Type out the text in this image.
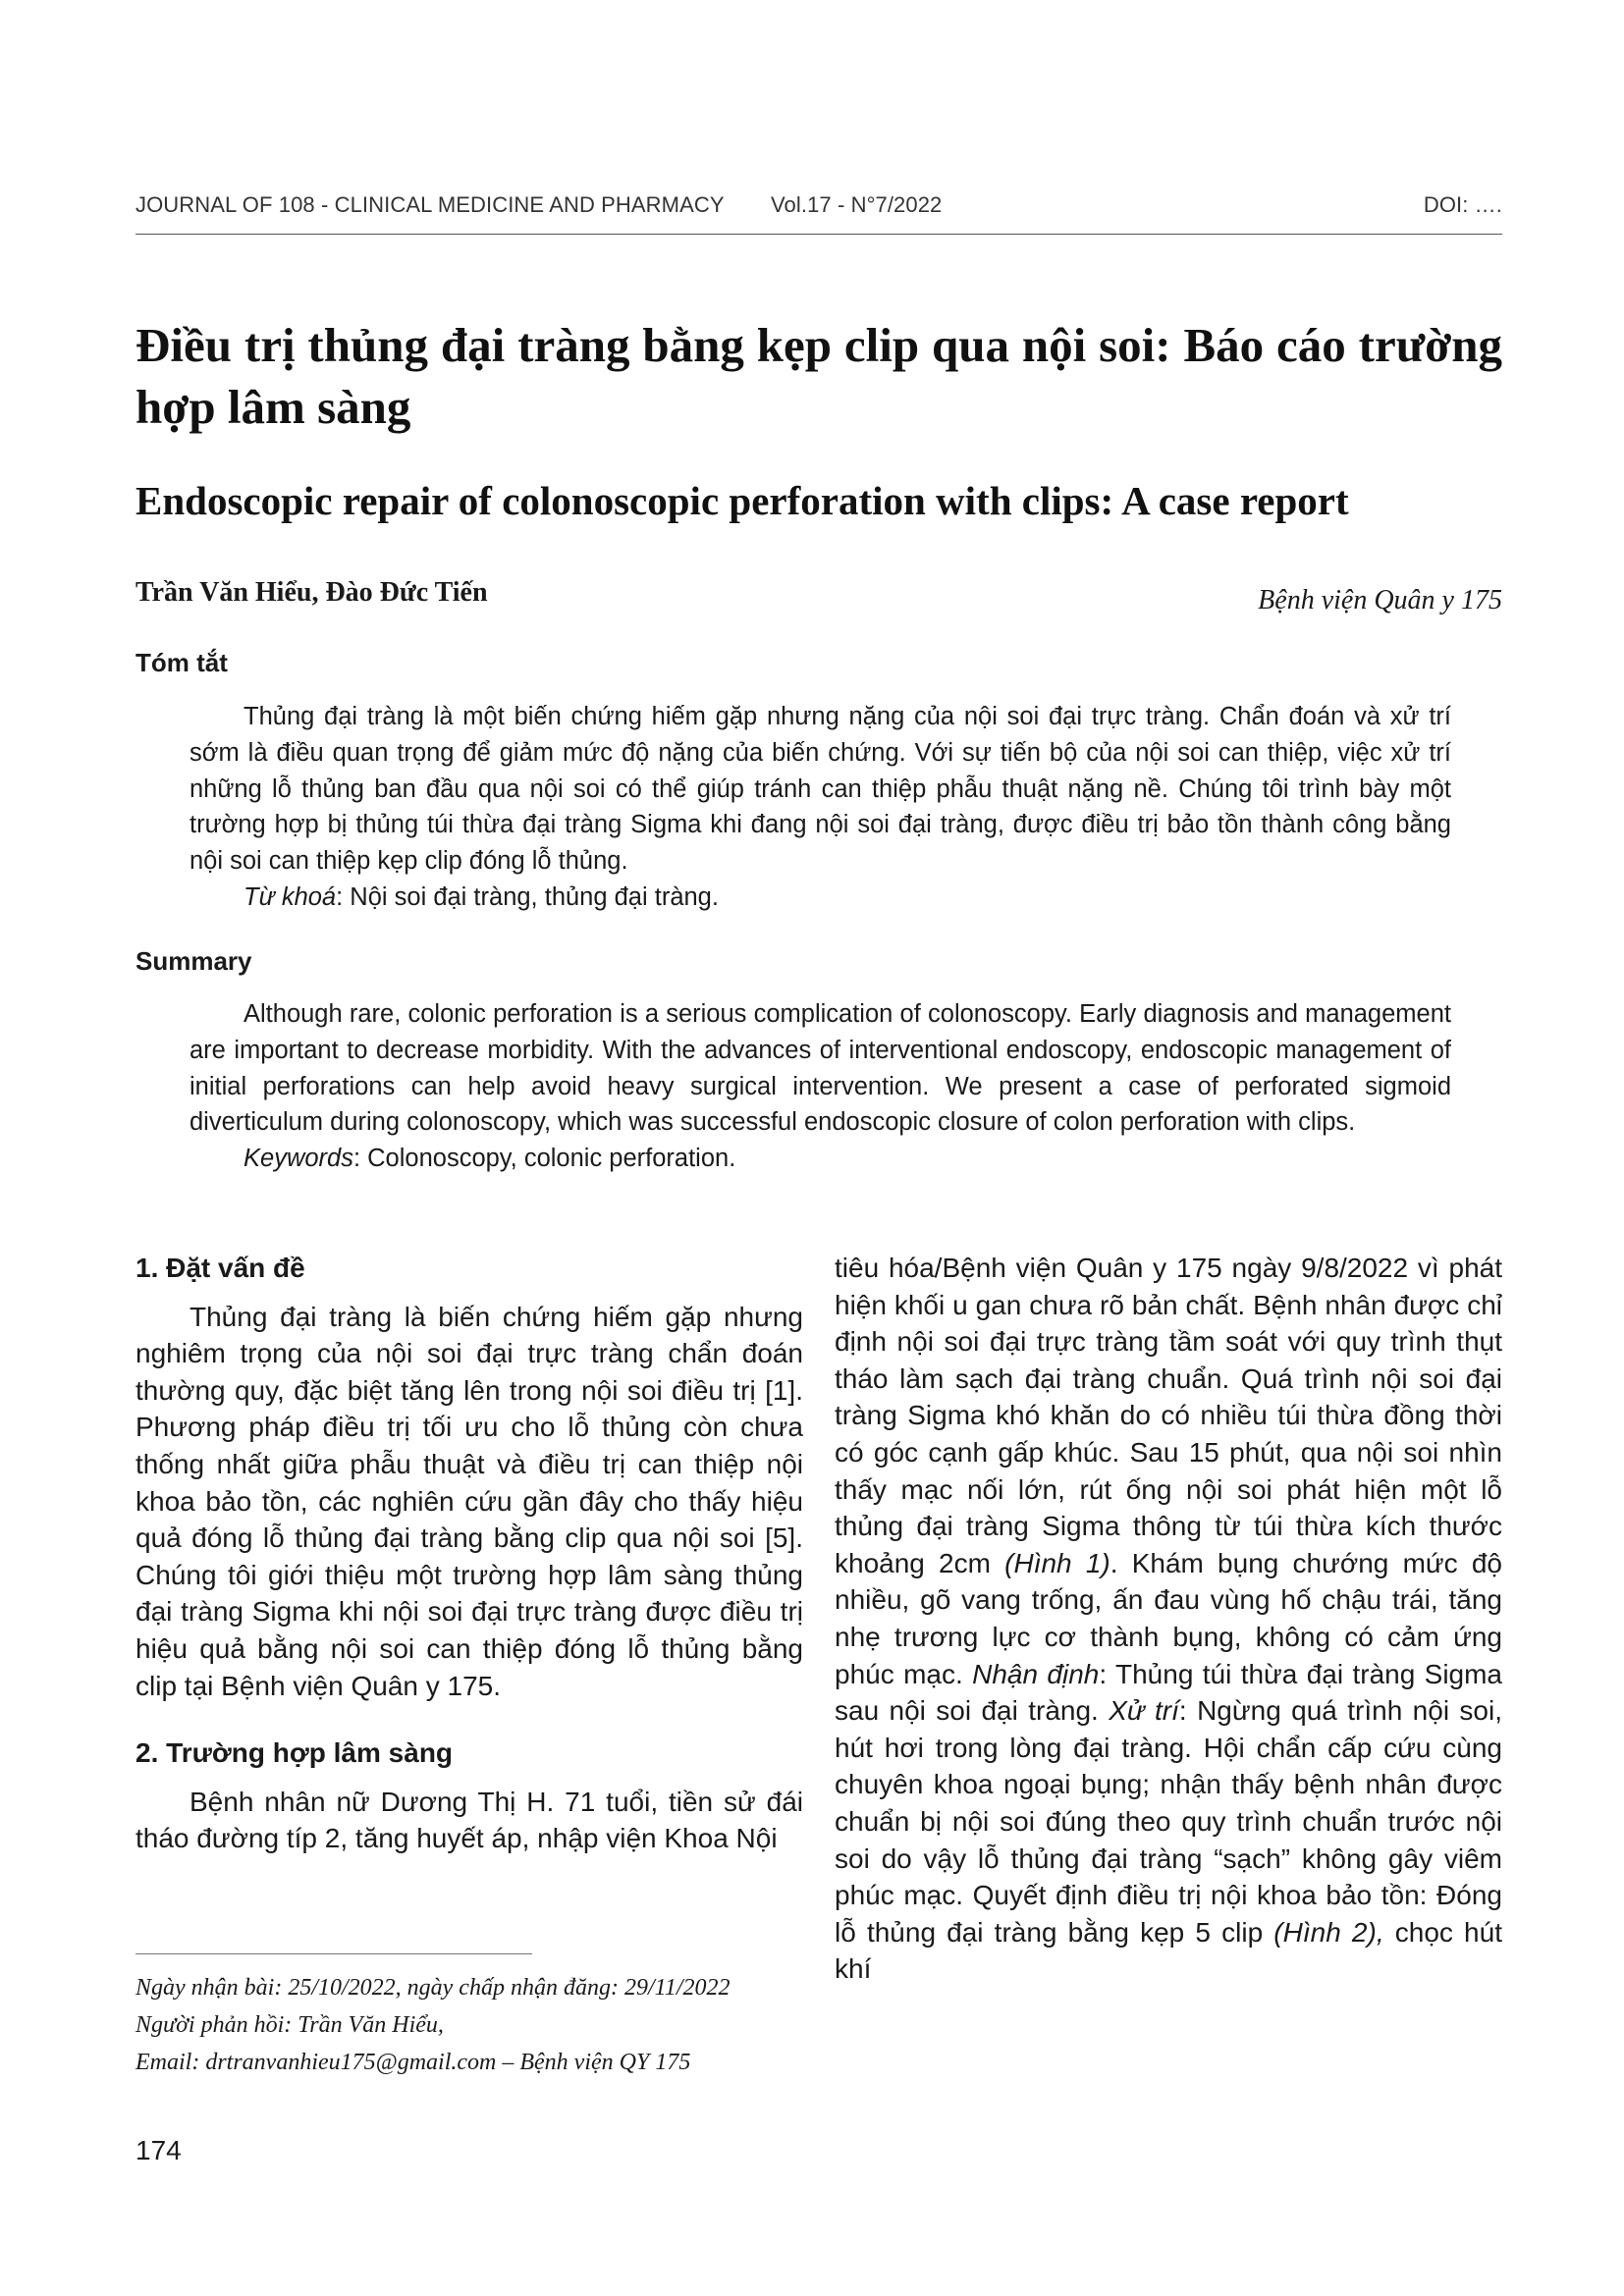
JOURNAL OF 108 - CLINICAL MEDICINE AND PHARMACY Vol.17 - N°7/2022	DOI: ….
Điều trị thủng đại tràng bằng kẹp clip qua nội soi: Báo cáo trường hợp lâm sàng
Endoscopic repair of colonoscopic perforation with clips: A case report
Trần Văn Hiểu, Đào Đức Tiến	Bệnh viện Quân y 175
Tóm tắt

Thủng đại tràng là một biến chứng hiếm gặp nhưng nặng của nội soi đại trực tràng. Chẩn đoán và xử trí sớm là điều quan trọng để giảm mức độ nặng của biến chứng. Với sự tiến bộ của nội soi can thiệp, việc xử trí những lỗ thủng ban đầu qua nội soi có thể giúp tránh can thiệp phẫu thuật nặng nề. Chúng tôi trình bày một trường hợp bị thủng túi thừa đại tràng Sigma khi đang nội soi đại tràng, được điều trị bảo tồn thành công bằng nội soi can thiệp kẹp clip đóng lỗ thủng.

Từ khoá: Nội soi đại tràng, thủng đại tràng.

Summary

Although rare, colonic perforation is a serious complication of colonoscopy. Early diagnosis and management are important to decrease morbidity. With the advances of interventional endoscopy, endoscopic management of initial perforations can help avoid heavy surgical intervention. We present a case of perforated sigmoid diverticulum during colonoscopy, which was successful endoscopic closure of colon perforation with clips.

Keywords: Colonoscopy, colonic perforation.

1. Đặt vấn đề

Thủng đại tràng là biến chứng hiếm gặp nhưng nghiêm trọng của nội soi đại trực tràng chẩn đoán thường quy, đặc biệt tăng lên trong nội soi điều trị [1]. Phương pháp điều trị tối ưu cho lỗ thủng còn chưa thống nhất giữa phẫu thuật và điều trị can thiệp nội khoa bảo tồn, các nghiên cứu gần đây cho thấy hiệu quả đóng lỗ thủng đại tràng bằng clip qua nội soi [5]. Chúng tôi giới thiệu một trường hợp lâm sàng thủng đại tràng Sigma khi nội soi đại trực tràng được điều trị hiệu quả bằng nội soi can thiệp đóng lỗ thủng bằng clip tại Bệnh viện Quân y 175.

2. Trường hợp lâm sàng

Bệnh nhân nữ Dương Thị H. 71 tuổi, tiền sử đái tháo đường típ 2, tăng huyết áp, nhập viện Khoa Nội

tiêu hóa/Bệnh viện Quân y 175 ngày 9/8/2022 vì phát hiện khối u gan chưa rõ bản chất. Bệnh nhân được chỉ định nội soi đại trực tràng tầm soát với quy trình thụt tháo làm sạch đại tràng chuẩn. Quá trình nội soi đại tràng Sigma khó khăn do có nhiều túi thừa đồng thời có góc cạnh gấp khúc. Sau 15 phút, qua nội soi nhìn thấy mạc nối lớn, rút ống nội soi phát hiện một lỗ thủng đại tràng Sigma thông từ túi thừa kích thước khoảng 2cm (Hình 1). Khám bụng chướng mức độ nhiều, gõ vang trống, ấn đau vùng hố chậu trái, tăng nhẹ trương lực cơ thành bụng, không có cảm ứng phúc mạc. Nhận định: Thủng túi thừa đại tràng Sigma sau nội soi đại tràng. Xử trí: Ngừng quá trình nội soi, hút hơi trong lòng đại tràng. Hội chẩn cấp cứu cùng chuyên khoa ngoại bụng; nhận thấy bệnh nhân được chuẩn bị nội soi đúng theo quy trình chuẩn trước nội soi do vậy lỗ thủng đại tràng “sạch” không gây viêm phúc mạc. Quyết định điều trị nội khoa bảo tồn: Đóng lỗ thủng đại tràng bằng kẹp 5 clip (Hình 2), chọc hút khí

Ngày nhận bài: 25/10/2022, ngày chấp nhận đăng: 29/11/2022
Người phản hồi: Trần Văn Hiểu,
Email: drtranvanhieu175@gmail.com – Bệnh viện QY 175
174
